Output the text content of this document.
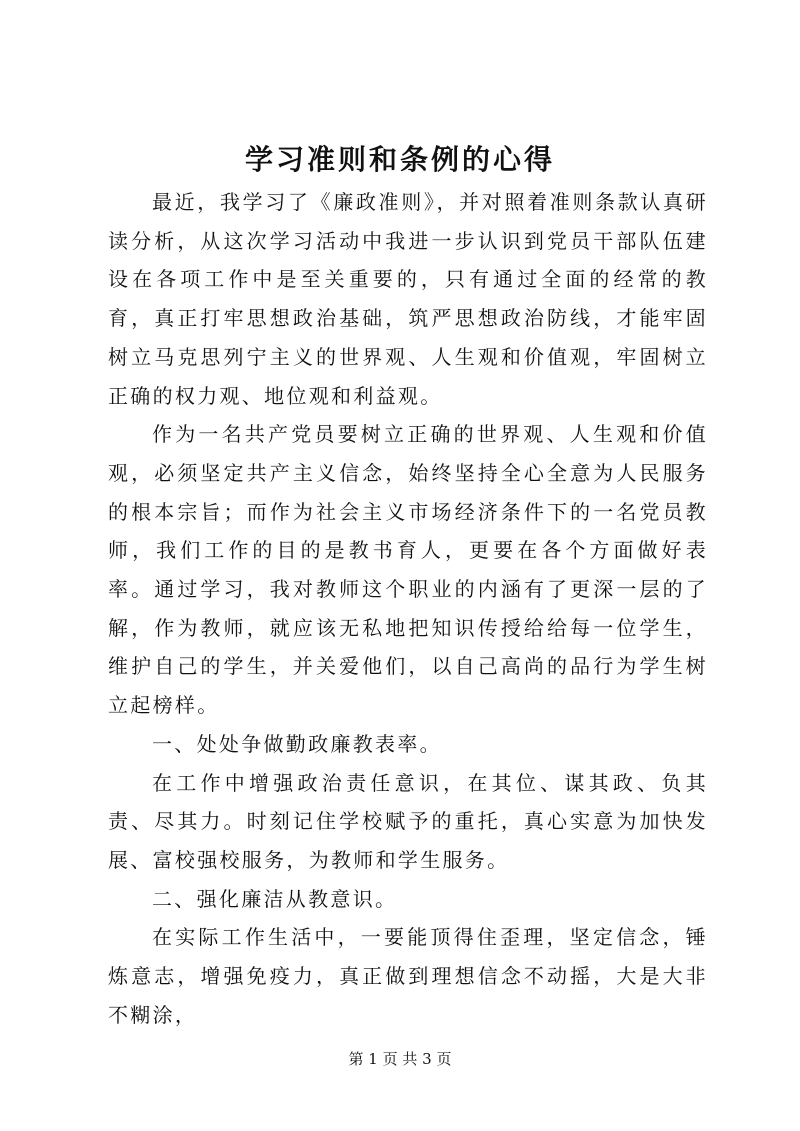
学习准则和条例的心得

最近，我学习了《廉政准则》，并对照着准则条款认真研读分析，从这次学习活动中我进一步认识到党员干部队伍建设在各项工作中是至关重要的，只有通过全面的经常的教育，真正打牢思想政治基础，筑严思想政治防线，才能牢固树立马克思列宁主义的世界观、人生观和价值观，牢固树立正确的权力观、地位观和利益观。

作为一名共产党员要树立正确的世界观、人生观和价值观，必须坚定共产主义信念，始终坚持全心全意为人民服务的根本宗旨；而作为社会主义市场经济条件下的一名党员教师，我们工作的目的是教书育人，更要在各个方面做好表率。通过学习，我对教师这个职业的内涵有了更深一层的了解，作为教师，就应该无私地把知识传授给给每一位学生，维护自己的学生，并关爱他们，以自己高尚的品行为学生树立起榜样。

一、处处争做勤政廉教表率。

在工作中增强政治责任意识，在其位、谋其政、负其责、尽其力。时刻记住学校赋予的重托，真心实意为加快发展、富校强校服务，为教师和学生服务。

二、强化廉洁从教意识。

在实际工作生活中，一要能顶得住歪理，坚定信念，锤炼意志，增强免疫力，真正做到理想信念不动摇，大是大非不糊涂，

第 1 页 共 3 页
